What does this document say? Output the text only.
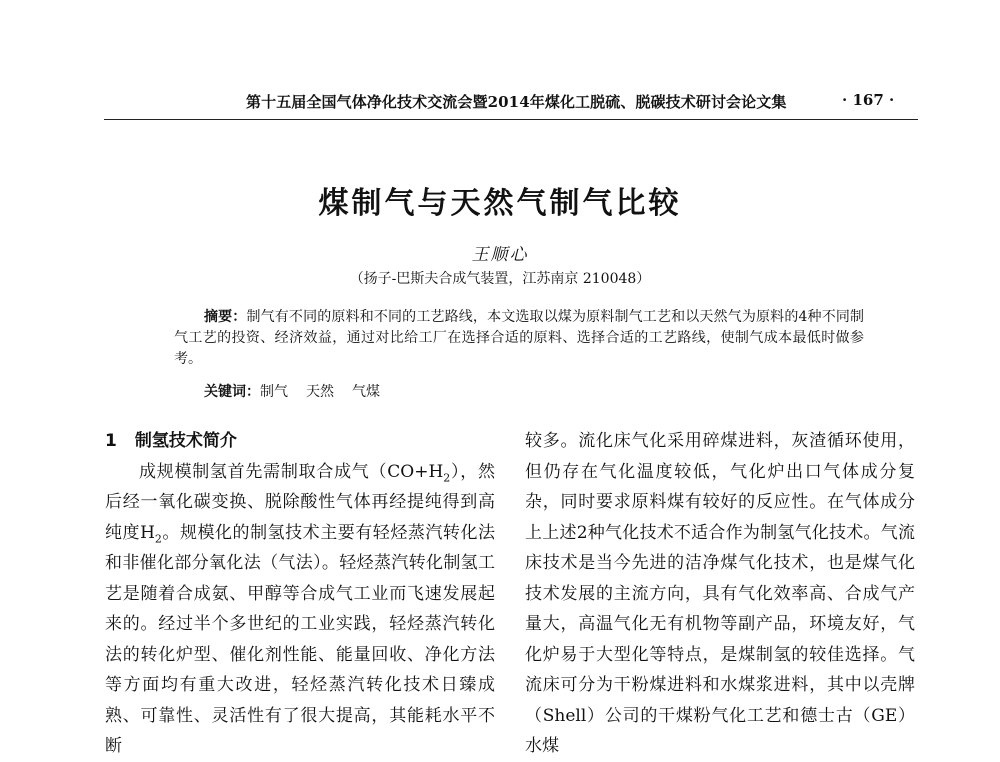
第十五届全国气体净化技术交流会暨2014年煤化工脱硫、脱碳技术研讨会论文集	· 167 ·
煤制气与天然气制气比较
王顺心
（扬子-巴斯夫合成气装置，江苏南京 210048）

摘要：制气有不同的原料和不同的工艺路线，本文选取以煤为原料制气工艺和以天然气为原料的4种不同制气工艺的投资、经济效益，通过对比给工厂在选择合适的原料、选择合适的工艺路线，使制气成本最低时做参考。

关键词：制气 天然 气煤
1 制氢技术简介

成规模制氢首先需制取合成气$(CO+H_2)$，然后经一氧化碳变换、脱除酸性气体再经提纯得到高纯度$H_2$。规模化的制氢技术主要有轻烃蒸汽转化法和非催化部分氧化法（气法）。轻烃蒸汽转化制氢工艺是随着合成氨、甲醇等合成气工业而飞速发展起来的。经过半个多世纪的工业实践，轻烃蒸汽转化法的转化炉型、催化剂性能、能量回收、净化方法等方面均有重大改进，轻烃蒸汽转化技术日臻成熟、可靠性、灵活性有了很大提高，其能耗水平不断

较多。流化床气化采用碎煤进料，灰渣循环使用，但仍存在气化温度较低，气化炉出口气体成分复杂，同时要求原料煤有较好的反应性。在气体成分上上述2种气化技术不适合作为制氢气化技术。气流床技术是当今先进的洁净煤气化技术，也是煤气化技术发展的主流方向，具有气化效率高、合成气产量大，高温气化无有机物等副产品，环境友好，气化炉易于大型化等特点，是煤制氢的较佳选择。气流床可分为干粉煤进料和水煤浆进料，其中以壳牌（Shell）公司的干煤粉气化工艺和德士古（GE）水煤
